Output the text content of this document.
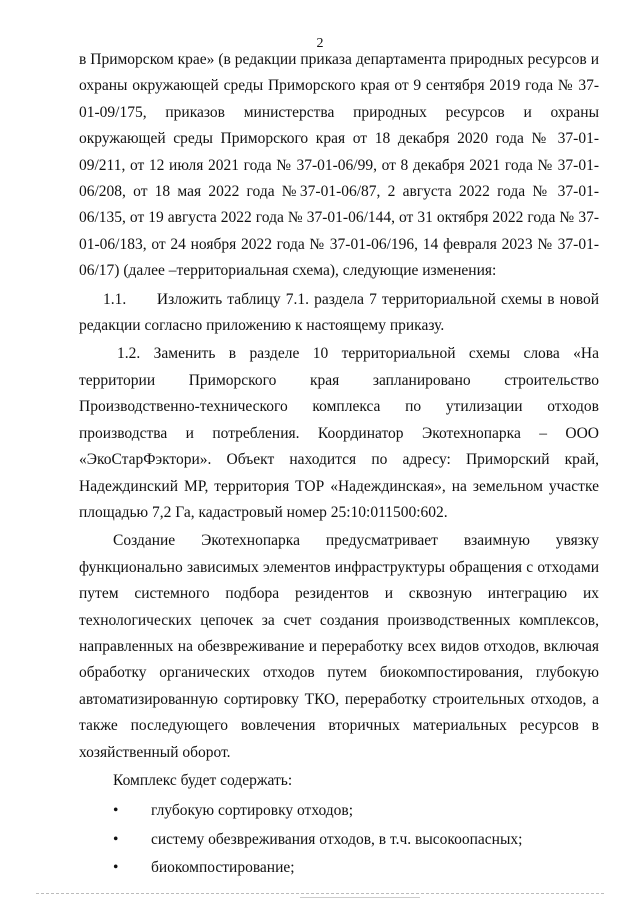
2

в Приморском крае» (в редакции приказа департамента природных ресурсов и охраны окружающей среды Приморского края от 9 сентября 2019 года № 37-01-09/175, приказов министерства природных ресурсов и охраны окружающей среды Приморского края от 18 декабря 2020 года № 37-01-09/211, от 12 июля 2021 года № 37-01-06/99, от 8 декабря 2021 года № 37-01-06/208, от 18 мая 2022 года №37-01-06/87, 2 августа 2022 года № 37-01-06/135, от 19 августа 2022 года № 37-01-06/144, от 31 октября 2022 года № 37-01-06/183, от 24 ноября 2022 года № 37-01-06/196, 14 февраля 2023 № 37-01-06/17) (далее –территориальная схема), следующие изменения:

1.1.      Изложить таблицу 7.1. раздела 7 территориальной схемы в новой редакции согласно приложению к настоящему приказу.

1.2. Заменить в разделе 10 территориальной схемы слова «На территории Приморского края запланировано строительство Производственно-технического комплекса по утилизации отходов производства и потребления. Координатор Экотехнопарка – ООО «ЭкоСтарФэктори». Объект находится по адресу: Приморский край, Надеждинский МР, территория ТОР «Надеждинская», на земельном участке площадью 7,2 Га, кадастровый номер 25:10:011500:602.

Создание Экотехнопарка предусматривает взаимную увязку функционально зависимых элементов инфраструктуры обращения с отходами путем системного подбора резидентов и сквозную интеграцию их технологических цепочек за счет создания производственных комплексов, направленных на обезвреживание и переработку всех видов отходов, включая обработку органических отходов путем биокомпостирования, глубокую автоматизированную сортировку ТКО, переработку строительных отходов, а также последующего вовлечения вторичных материальных ресурсов в хозяйственный оборот.

Комплекс будет содержать:

• глубокую сортировку отходов;
• систему обезвреживания отходов, в т.ч. высокоопасных;
• биокомпостирование;
